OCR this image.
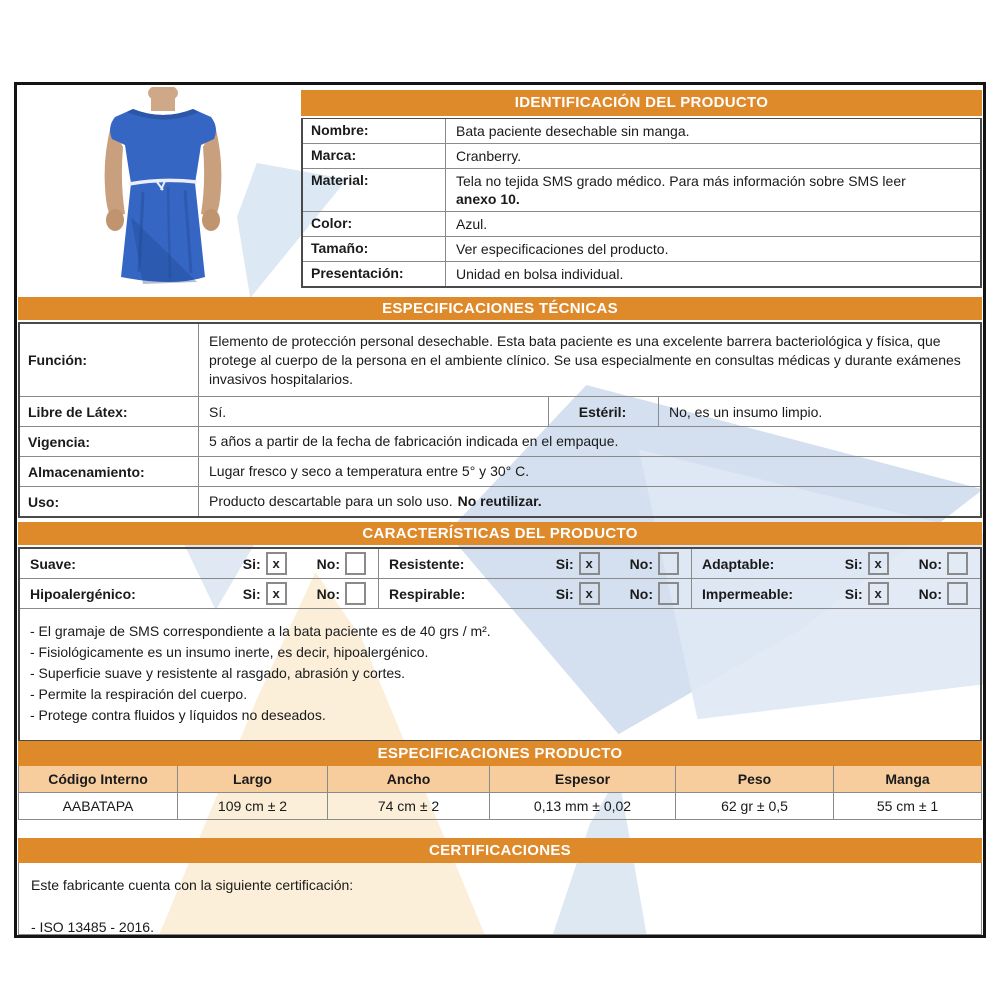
IDENTIFICACIÓN DEL PRODUCTO
Nombre:	Bata paciente desechable sin manga.
Marca:	Cranberry.
Material:	Tela no tejida SMS grado médico. Para más información sobre SMS leer
anexo 10.
Color:	Azul.
Tamaño:	Ver especificaciones del producto.
Presentación:	Unidad en bolsa individual.
ESPECIFICACIONES TÉCNICAS
Función:
Elemento de protección personal desechable. Esta bata paciente es una excelente barrera bacteriológica y física, que protege al cuerpo de la persona en el ambiente clínico. Se usa especialmente en consultas médicas y durante exámenes invasivos hospitalarios.
Libre de Látex:	Sí.	Estéril:	No, es un insumo limpio.
Vigencia:	5 años a partir de la fecha de fabricación indicada en el empaque.
Almacenamiento:	Lugar fresco y seco a temperatura entre 5° y 30° C.
Uso:	Producto descartable para un solo uso. No reutilizar.
CARACTERÍSTICAS DEL PRODUCTO
Suave:	Si: x	No:	Resistente:	Si: x	No:	Adaptable:	Si: x	No:
Hipoalergénico:	Si: x	No:	Respirable:	Si: x	No:	Impermeable:	Si: x	No:
- El gramaje de SMS correspondiente a la bata paciente es de 40 grs / m².
- Fisiológicamente es un insumo inerte, es decir, hipoalergénico.
- Superficie suave y resistente al rasgado, abrasión y cortes.
- Permite la respiración del cuerpo.
- Protege contra fluidos y líquidos no deseados.
ESPECIFICACIONES PRODUCTO
Código Interno	Largo	Ancho	Espesor	Peso	Manga
AABATAPA	109 cm ± 2	74 cm ± 2	0,13 mm ± 0,02	62 gr ± 0,5	55 cm ± 1
CERTIFICACIONES
Este fabricante cuenta con la siguiente certificación:
- ISO 13485 - 2016.
